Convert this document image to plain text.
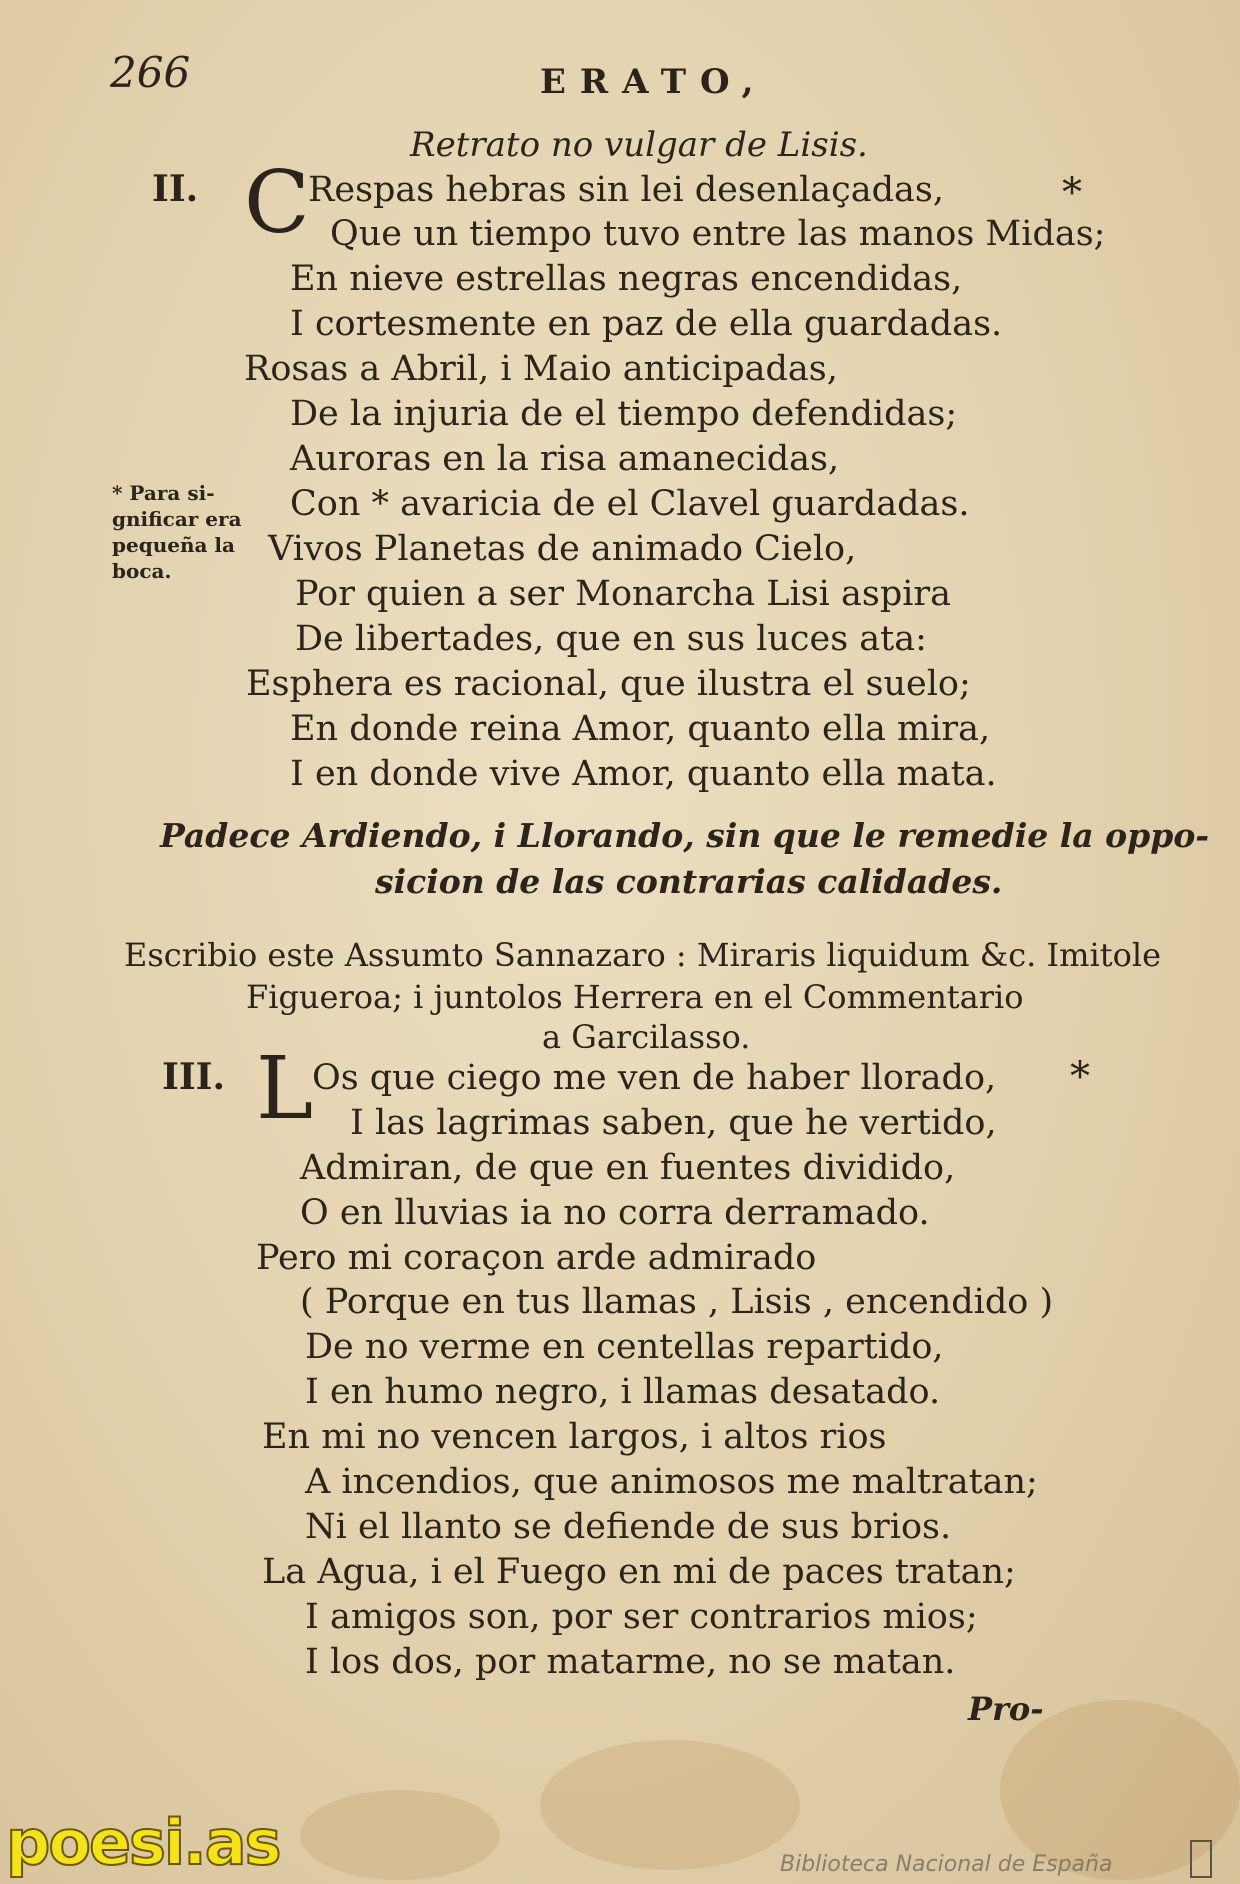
266	ERATO,
Retrato no vulgar de Lisis.
II. C	*
Respas hebras sin lei desenlaçadas,
Que un tiempo tuvo entre las manos Midas;
En nieve estrellas negras encendidas,
I cortesmente en paz de ella guardadas.
Rosas a Abril, i Maio anticipadas,
De la injuria de el tiempo defendidas;
Auroras en la risa amanecidas,
Con * avaricia de el Clavel guardadas.
Vivos Planetas de animado Cielo,
Por quien a ser Monarcha Lisi aspira
De libertades, que en sus luces ata:
Esphera es racional, que ilustra el suelo;
En donde reina Amor, quanto ella mira,
I en donde vive Amor, quanto ella mata.
* Para si-
gnificar era
pequeña la
boca.
Padece Ardiendo, i Llorando, sin que le remedie la oppo-
sicion de las contrarias calidades.
Escribio este Assumto Sannazaro : Miraris liquidum &c. Imitole
Figueroa; i juntolos Herrera en el Commentario
a Garcilasso.
III. L	*
Os que ciego me ven de haber llorado,
I las lagrimas saben, que he vertido,
Admiran, de que en fuentes dividido,
O en lluvias ia no corra derramado.
Pero mi coraçon arde admirado
( Porque en tus llamas , Lisis , encendido )
De no verme en centellas repartido,
I en humo negro, i llamas desatado.
En mi no vencen largos, i altos rios
A incendios, que animosos me maltratan;
Ni el llanto se defiende de sus brios.
La Agua, i el Fuego en mi de paces tratan;
I amigos son, por ser contrarios mios;
I los dos, por matarme, no se matan.
Pro-
poesi.as	Biblioteca Nacional de España
